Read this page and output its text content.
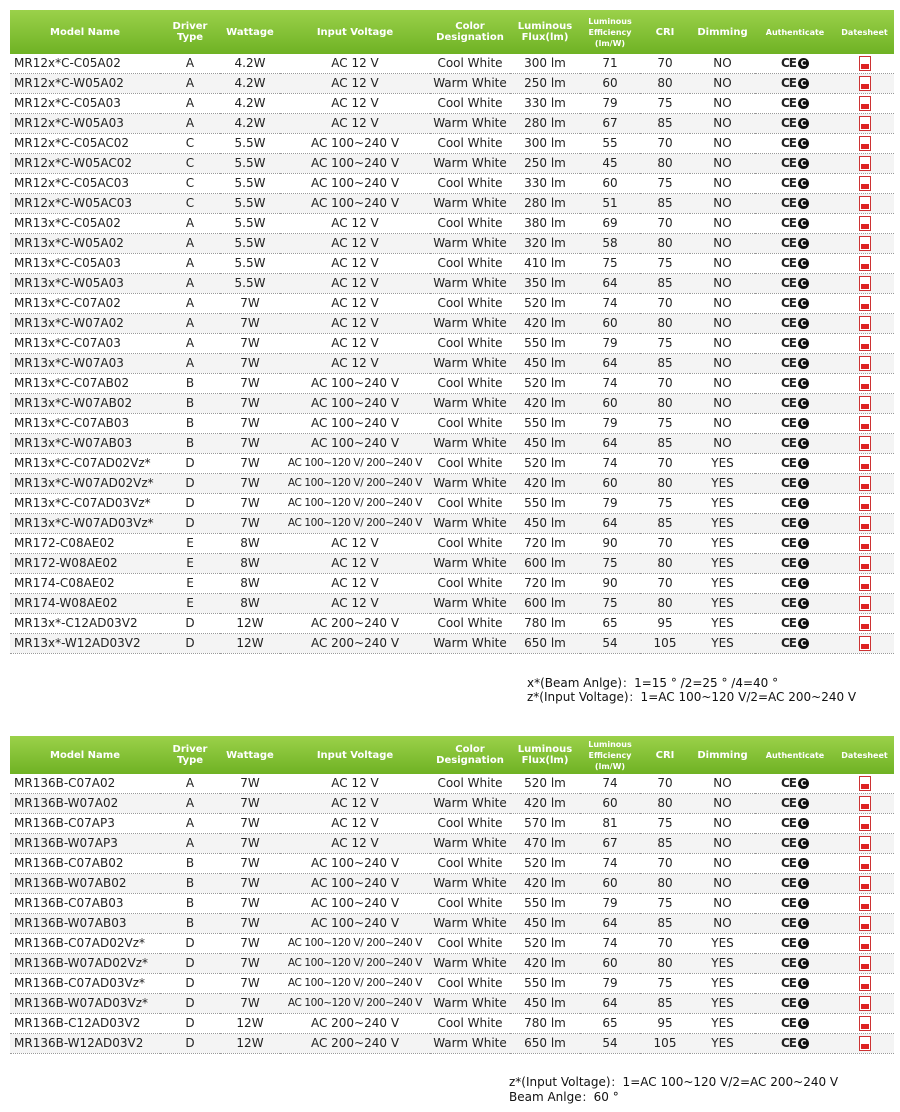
Model Name	Driver Type	Wattage	Input Voltage	Color Designation	Luminous Flux(lm)	Luminous Efficiency (lm/W)	CRI	Dimming	Authenticate	Datesheet
MR12x*C-C05A02	A	4.2W	AC 12 V	Cool White	300 lm	71	70	NO	CE C	
MR12x*C-W05A02	A	4.2W	AC 12 V	Warm White	250 lm	60	80	NO	CE C	
MR12x*C-C05A03	A	4.2W	AC 12 V	Cool White	330 lm	79	75	NO	CE C	
MR12x*C-W05A03	A	4.2W	AC 12 V	Warm White	280 lm	67	85	NO	CE C	
MR12x*C-C05AC02	C	5.5W	AC 100~240 V	Cool White	300 lm	55	70	NO	CE C	
MR12x*C-W05AC02	C	5.5W	AC 100~240 V	Warm White	250 lm	45	80	NO	CE C	
MR12x*C-C05AC03	C	5.5W	AC 100~240 V	Cool White	330 lm	60	75	NO	CE C	
MR12x*C-W05AC03	C	5.5W	AC 100~240 V	Warm White	280 lm	51	85	NO	CE C	
MR13x*C-C05A02	A	5.5W	AC 12 V	Cool White	380 lm	69	70	NO	CE C	
MR13x*C-W05A02	A	5.5W	AC 12 V	Warm White	320 lm	58	80	NO	CE C	
MR13x*C-C05A03	A	5.5W	AC 12 V	Cool White	410 lm	75	75	NO	CE C	
MR13x*C-W05A03	A	5.5W	AC 12 V	Warm White	350 lm	64	85	NO	CE C	
MR13x*C-C07A02	A	7W	AC 12 V	Cool White	520 lm	74	70	NO	CE C	
MR13x*C-W07A02	A	7W	AC 12 V	Warm White	420 lm	60	80	NO	CE C	
MR13x*C-C07A03	A	7W	AC 12 V	Cool White	550 lm	79	75	NO	CE C	
MR13x*C-W07A03	A	7W	AC 12 V	Warm White	450 lm	64	85	NO	CE C	
MR13x*C-C07AB02	B	7W	AC 100~240 V	Cool White	520 lm	74	70	NO	CE C	
MR13x*C-W07AB02	B	7W	AC 100~240 V	Warm White	420 lm	60	80	NO	CE C	
MR13x*C-C07AB03	B	7W	AC 100~240 V	Cool White	550 lm	79	75	NO	CE C	
MR13x*C-W07AB03	B	7W	AC 100~240 V	Warm White	450 lm	64	85	NO	CE C	
MR13x*C-C07AD02Vz*	D	7W	AC 100~120 V/ 200~240 V	Cool White	520 lm	74	70	YES	CE C	
MR13x*C-W07AD02Vz*	D	7W	AC 100~120 V/ 200~240 V	Warm White	420 lm	60	80	YES	CE C	
MR13x*C-C07AD03Vz*	D	7W	AC 100~120 V/ 200~240 V	Cool White	550 lm	79	75	YES	CE C	
MR13x*C-W07AD03Vz*	D	7W	AC 100~120 V/ 200~240 V	Warm White	450 lm	64	85	YES	CE C	
MR172-C08AE02	E	8W	AC 12 V	Cool White	720 lm	90	70	YES	CE C	
MR172-W08AE02	E	8W	AC 12 V	Warm White	600 lm	75	80	YES	CE C	
MR174-C08AE02	E	8W	AC 12 V	Cool White	720 lm	90	70	YES	CE C	
MR174-W08AE02	E	8W	AC 12 V	Warm White	600 lm	75	80	YES	CE C	
MR13x*-C12AD03V2	D	12W	AC 200~240 V	Cool White	780 lm	65	95	YES	CE C	
MR13x*-W12AD03V2	D	12W	AC 200~240 V	Warm White	650 lm	54	105	YES	CE C	
x*(Beam Anlge)：1=15 ° /2=25 ° /4=40 °
z*(Input Voltage)：1=AC 100~120 V/2=AC 200~240 V
Model Name	Driver Type	Wattage	Input Voltage	Color Designation	Luminous Flux(lm)	Luminous Efficiency (lm/W)	CRI	Dimming	Authenticate	Datesheet
MR136B-C07A02	A	7W	AC 12 V	Cool White	520 lm	74	70	NO	CE C	
MR136B-W07A02	A	7W	AC 12 V	Warm White	420 lm	60	80	NO	CE C	
MR136B-C07AP3	A	7W	AC 12 V	Cool White	570 lm	81	75	NO	CE C	
MR136B-W07AP3	A	7W	AC 12 V	Warm White	470 lm	67	85	NO	CE C	
MR136B-C07AB02	B	7W	AC 100~240 V	Cool White	520 lm	74	70	NO	CE C	
MR136B-W07AB02	B	7W	AC 100~240 V	Warm White	420 lm	60	80	NO	CE C	
MR136B-C07AB03	B	7W	AC 100~240 V	Cool White	550 lm	79	75	NO	CE C	
MR136B-W07AB03	B	7W	AC 100~240 V	Warm White	450 lm	64	85	NO	CE C	
MR136B-C07AD02Vz*	D	7W	AC 100~120 V/ 200~240 V	Cool White	520 lm	74	70	YES	CE C	
MR136B-W07AD02Vz*	D	7W	AC 100~120 V/ 200~240 V	Warm White	420 lm	60	80	YES	CE C	
MR136B-C07AD03Vz*	D	7W	AC 100~120 V/ 200~240 V	Cool White	550 lm	79	75	YES	CE C	
MR136B-W07AD03Vz*	D	7W	AC 100~120 V/ 200~240 V	Warm White	450 lm	64	85	YES	CE C	
MR136B-C12AD03V2	D	12W	AC 200~240 V	Cool White	780 lm	65	95	YES	CE C	
MR136B-W12AD03V2	D	12W	AC 200~240 V	Warm White	650 lm	54	105	YES	CE C	
z*(Input Voltage)：1=AC 100~120 V/2=AC 200~240 V
Beam Anlge：60 °
